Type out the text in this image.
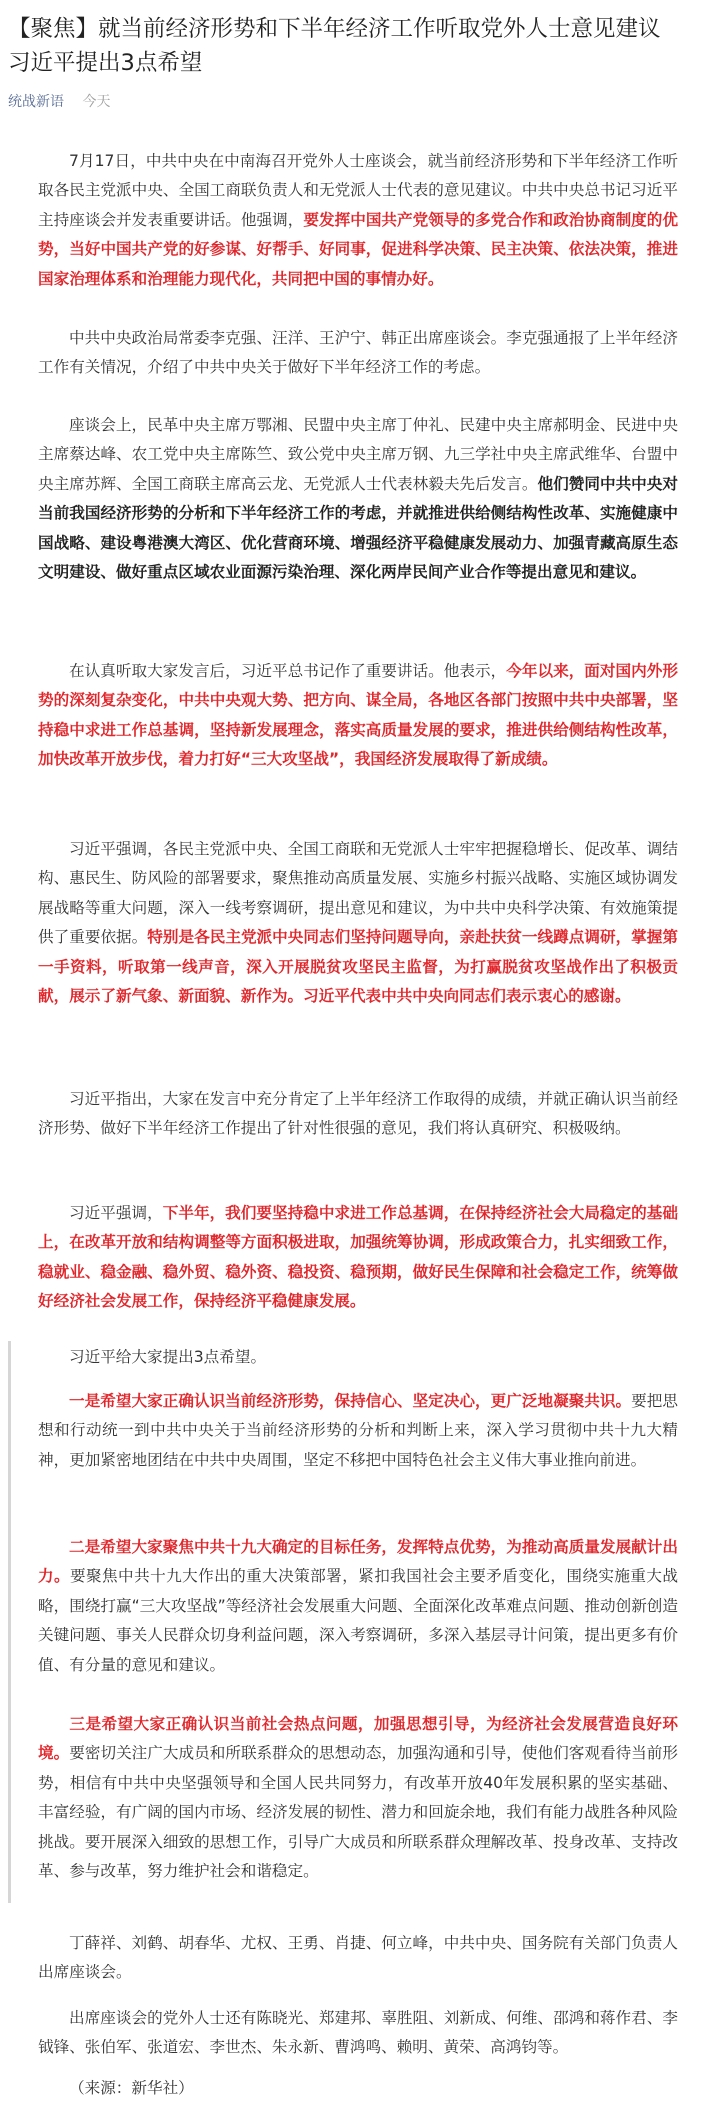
【聚焦】就当前经济形势和下半年经济工作听取党外人士意见建议 习近平提出3点希望
统战新语 今天

7月17日，中共中央在中南海召开党外人士座谈会，就当前经济形势和下半年经济工作听取各民主党派中央、全国工商联负责人和无党派人士代表的意见建议。中共中央总书记习近平主持座谈会并发表重要讲话。他强调，要发挥中国共产党领导的多党合作和政治协商制度的优势，当好中国共产党的好参谋、好帮手、好同事，促进科学决策、民主决策、依法决策，推进国家治理体系和治理能力现代化，共同把中国的事情办好。

中共中央政治局常委李克强、汪洋、王沪宁、韩正出席座谈会。李克强通报了上半年经济工作有关情况，介绍了中共中央关于做好下半年经济工作的考虑。

座谈会上，民革中央主席万鄂湘、民盟中央主席丁仲礼、民建中央主席郝明金、民进中央主席蔡达峰、农工党中央主席陈竺、致公党中央主席万钢、九三学社中央主席武维华、台盟中央主席苏辉、全国工商联主席高云龙、无党派人士代表林毅夫先后发言。他们赞同中共中央对当前我国经济形势的分析和下半年经济工作的考虑，并就推进供给侧结构性改革、实施健康中国战略、建设粤港澳大湾区、优化营商环境、增强经济平稳健康发展动力、加强青藏高原生态文明建设、做好重点区域农业面源污染治理、深化两岸民间产业合作等提出意见和建议。

在认真听取大家发言后，习近平总书记作了重要讲话。他表示，今年以来，面对国内外形势的深刻复杂变化，中共中央观大势、把方向、谋全局，各地区各部门按照中共中央部署，坚持稳中求进工作总基调，坚持新发展理念，落实高质量发展的要求，推进供给侧结构性改革，加快改革开放步伐，着力打好“三大攻坚战”，我国经济发展取得了新成绩。

习近平强调，各民主党派中央、全国工商联和无党派人士牢牢把握稳增长、促改革、调结构、惠民生、防风险的部署要求，聚焦推动高质量发展、实施乡村振兴战略、实施区域协调发展战略等重大问题，深入一线考察调研，提出意见和建议，为中共中央科学决策、有效施策提供了重要依据。特别是各民主党派中央同志们坚持问题导向，亲赴扶贫一线蹲点调研，掌握第一手资料，听取第一线声音，深入开展脱贫攻坚民主监督，为打赢脱贫攻坚战作出了积极贡献，展示了新气象、新面貌、新作为。习近平代表中共中央向同志们表示衷心的感谢。

习近平指出，大家在发言中充分肯定了上半年经济工作取得的成绩，并就正确认识当前经济形势、做好下半年经济工作提出了针对性很强的意见，我们将认真研究、积极吸纳。

习近平强调，下半年，我们要坚持稳中求进工作总基调，在保持经济社会大局稳定的基础上，在改革开放和结构调整等方面积极进取，加强统筹协调，形成政策合力，扎实细致工作，稳就业、稳金融、稳外贸、稳外资、稳投资、稳预期，做好民生保障和社会稳定工作，统筹做好经济社会发展工作，保持经济平稳健康发展。

习近平给大家提出3点希望。

一是希望大家正确认识当前经济形势，保持信心、坚定决心，更广泛地凝聚共识。要把思想和行动统一到中共中央关于当前经济形势的分析和判断上来，深入学习贯彻中共十九大精神，更加紧密地团结在中共中央周围，坚定不移把中国特色社会主义伟大事业推向前进。

二是希望大家聚焦中共十九大确定的目标任务，发挥特点优势，为推动高质量发展献计出力。要聚焦中共十九大作出的重大决策部署，紧扣我国社会主要矛盾变化，围绕实施重大战略，围绕打赢“三大攻坚战”等经济社会发展重大问题、全面深化改革难点问题、推动创新创造关键问题、事关人民群众切身利益问题，深入考察调研，多深入基层寻计问策，提出更多有价值、有分量的意见和建议。

三是希望大家正确认识当前社会热点问题，加强思想引导，为经济社会发展营造良好环境。要密切关注广大成员和所联系群众的思想动态，加强沟通和引导，使他们客观看待当前形势，相信有中共中央坚强领导和全国人民共同努力，有改革开放40年发展积累的坚实基础、丰富经验，有广阔的国内市场、经济发展的韧性、潜力和回旋余地，我们有能力战胜各种风险挑战。要开展深入细致的思想工作，引导广大成员和所联系群众理解改革、投身改革、支持改革、参与改革，努力维护社会和谐稳定。

丁薛祥、刘鹤、胡春华、尤权、王勇、肖捷、何立峰，中共中央、国务院有关部门负责人出席座谈会。

出席座谈会的党外人士还有陈晓光、郑建邦、辜胜阻、刘新成、何维、邵鸿和蒋作君、李钺锋、张伯军、张道宏、李世杰、朱永新、曹鸿鸣、赖明、黄荣、高鸿钧等。

（来源：新华社）
